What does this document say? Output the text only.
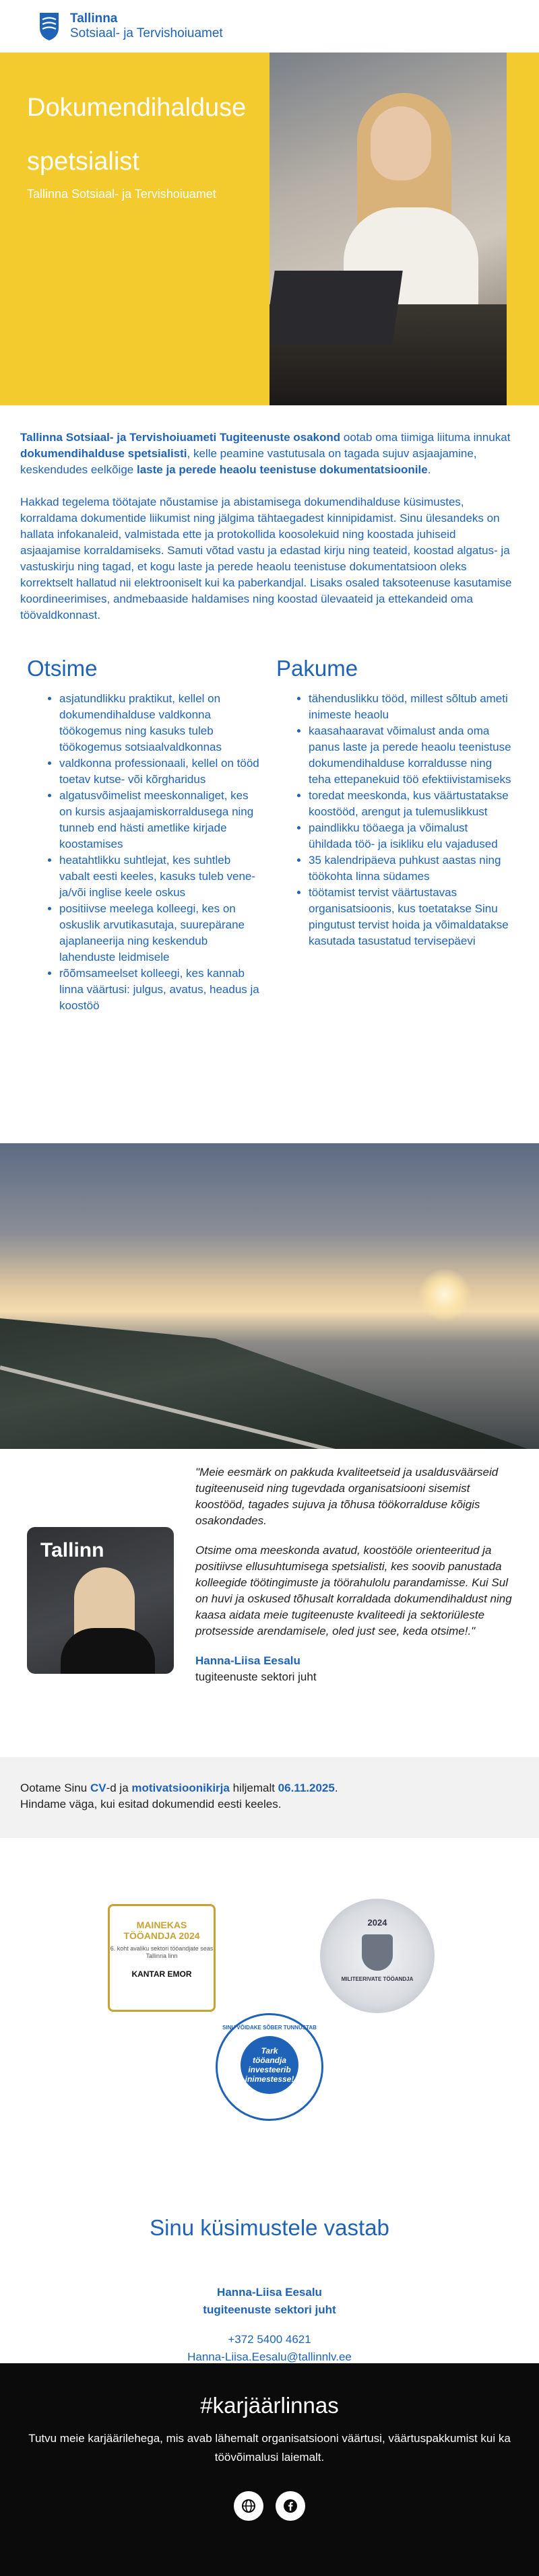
Tallinna
Sotsiaal- ja Tervishoiuamet
Dokumendihalduse spetsialist
Tallinna Sotsiaal- ja Tervishoiuamet

Tallinna Sotsiaal- ja Tervishoiuameti Tugiteenuste osakond ootab oma tiimiga liituma innukat dokumendihalduse spetsialisti, kelle peamine vastutusala on tagada sujuv asjaajamine, keskendudes eelkõige laste ja perede heaolu teenistuse dokumentatsioonile.

Hakkad tegelema töötajate nõustamise ja abistamisega dokumendihalduse küsimustes, korraldama dokumentide liikumist ning jälgima tähtaegadest kinnipidamist. Sinu ülesandeks on hallata infokanaleid, valmistada ette ja protokollida koosolekuid ning koostada juhiseid asjaajamise korraldamiseks. Samuti võtad vastu ja edastad kirju ning teateid, koostad algatus- ja vastuskirju ning tagad, et kogu laste ja perede heaolu teenistuse dokumentatsioon oleks korrektselt hallatud nii elektrooniselt kui ka paberkandjal. Lisaks osaled taksoteenuse kasutamise koordineerimises, andmebaaside haldamises ning koostad ülevaateid ja ettekandeid oma töövaldkonnast.

Otsime
• asjatundlikku praktikut, kellel on dokumendihalduse valdkonna töökogemus ning kasuks tuleb töökogemus sotsiaalvaldkonnas
• valdkonna professionaali, kellel on tööd toetav kutse- või kõrgharidus
• algatusvõimelist meeskonnaliget, kes on kursis asjaajamiskorraldusega ning tunneb end hästi ametlike kirjade koostamises
• heatahtlikku suhtlejat, kes suhtleb vabalt eesti keeles, kasuks tuleb vene- ja/või inglise keele oskus
• positiivse meelega kolleegi, kes on oskuslik arvutikasutaja, suurepärane ajaplaneerija ning keskendub lahenduste leidmisele
• rõõmsameelset kolleegi, kes kannab linna väärtusi: julgus, avatus, headus ja koostöö
Pakume
• tähenduslikku tööd, millest sõltub ameti inimeste heaolu
• kaasahaaravat võimalust anda oma panus laste ja perede heaolu teenistuse dokumendihalduse korraldusse ning teha ettepanekuid töö efektiivistamiseks
• toredat meeskonda, kus väärtustatakse koostööd, arengut ja tulemuslikkust
• paindlikku tööaega ja võimalust ühildada töö- ja isikliku elu vajadused
• 35 kalendripäeva puhkust aastas ning töökohta linna südames
• töötamist tervist väärtustavas organisatsioonis, kus toetatakse Sinu pingutust tervist hoida ja võimaldatakse kasutada tasustatud tervisepäevi
Tallinn

"Meie eesmärk on pakkuda kvaliteetseid ja usaldusväärseid tugiteenuseid ning tugevdada organisatsiooni sisemist koostööd, tagades sujuva ja tõhusa töökorralduse kõigis osakondades.

Otsime oma meeskonda avatud, koostööle orienteeritud ja positiivse ellusuhtumisega spetsialisti, kes soovib panustada kolleegide töötingimuste ja töörahulolu parandamisse. Kui Sul on huvi ja oskused tõhusalt korraldada dokumendihaldust ning kaasa aidata meie tugiteenuste kvaliteedi ja sektoriüleste protsesside arendamisele, oled just see, keda otsime!."

Hanna-Liisa Eesalu

tugiteenuste sektori juht

Ootame Sinu CV-d ja motivatsioonikirja hiljemalt 06.11.2025.
Hindame väga, kui esitad dokumendid eesti keeles.
MAINEKAS TÖÖANDJA 2024
6. koht avaliku sektori tööandjate seas Tallinna linn
KANTAR EMOR
2024
MILITEERIVATE TÖÖANDJA
SINU VÕIDAKE SÕBER TUNNUSTAB
Tark tööandja investeerib inimestesse!
Sinu küsimustele vastab
Hanna-Liisa Eesalu
tugiteenuste sektori juht
+372 5400 4621
Hanna-Liisa.Eesalu@tallinnlv.ee
#karjäärlinnas
Tutvu meie karjäärilehega, mis avab lähemalt organisatsiooni väärtusi, väärtuspakkumist kui ka töövõimalusi laiemalt.
